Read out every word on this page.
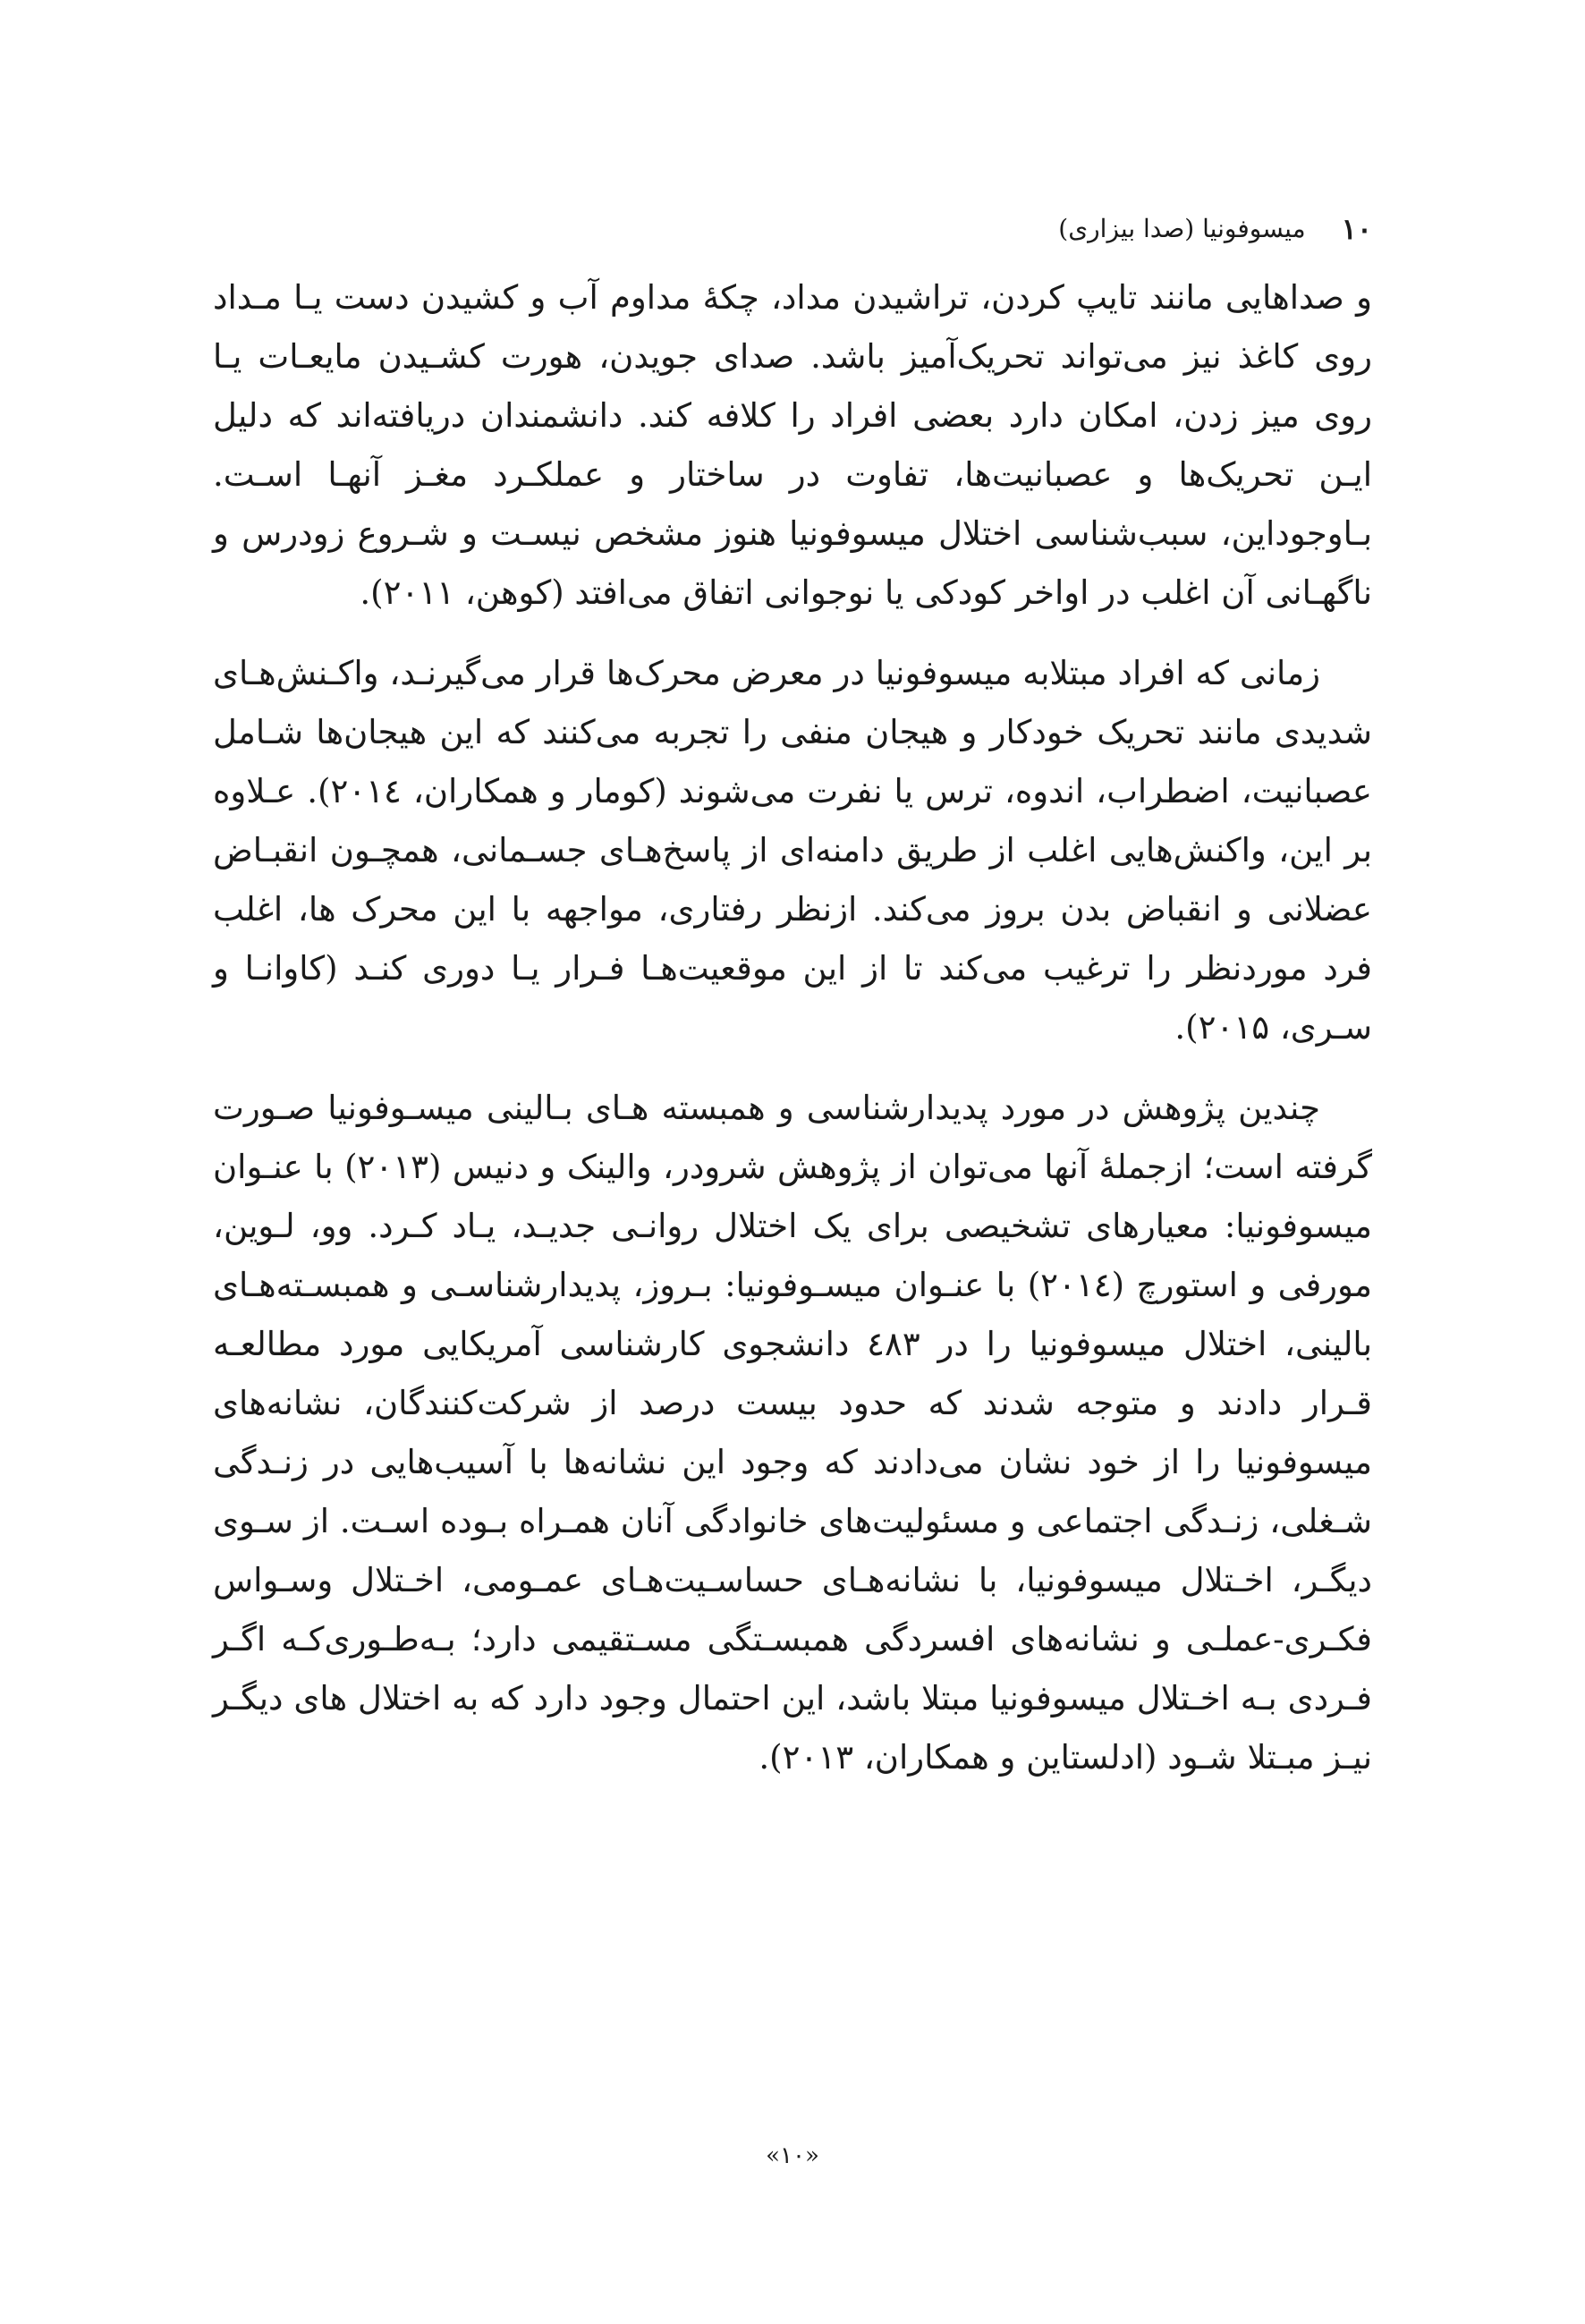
۱۰
میسوفونیا (صدا بیزاری)

و صداهایی مانند تایپ کردن، تراشیدن مداد، چکهٔ مداوم آب و کشیدن دست یـا مـداد روی کاغذ نیز می‌تواند تحریک‌آمیز باشد. صدای جویدن، هورت کشـیدن مایعـات یـا روی میز زدن، امکان دارد بعضی افراد را کلافه کند. دانشمندان دریافته‌اند که دلیل ایـن تحریک‌ها و عصبانیت‌ها، تفاوت در ساختار و عملکـرد مغـز آنهـا اسـت. بـاوجوداین، سبب‌شناسی اختلال میسوفونیا هنوز مشخص نیسـت و شـروع زودرس و ناگهـانی آن اغلب در اواخر کودکی یا نوجوانی اتفاق می‌افتد (کوهن، ۲۰۱۱).

زمانی که افراد مبتلابه میسوفونیا در معرض محرک‌ها قرار می‌گیرنـد، واکـنش‌هـای شدیدی مانند تحریک خودکار و هیجان منفی را تجربه می‌کنند که این هیجان‌ها شـامل عصبانیت، اضطراب، اندوه، ترس یا نفرت می‌شوند (کومار و همکاران، ۲۰۱٤). عـلاوه بر این، واکنش‌هایی اغلب از طریق دامنه‌ای از پاسخ‌هـای جسـمانی، همچـون انقبـاض عضلانی و انقباض بدن بروز می‌کند. ازنظر رفتاری، مواجهه با این محرک ها، اغلب فرد موردنظر را ترغیب می‌کند تا از این موقعیت‌هـا فـرار یـا دوری کنـد (کاوانـا و سـری، ۲۰۱۵).

چندین پژوهش در مورد پدیدارشناسی و همبسته هـای بـالینی میسـوفونیا صـورت گرفته است؛ ازجملهٔ آنها می‌توان از پژوهش شرودر، والینک و دنیس (۲۰۱۳) با عنـوان میسوفونیا: معیارهای تشخیصی برای یک اختلال روانـی جدیـد، یـاد کـرد. وو، لـوین، مورفی و استورچ (۲۰۱٤) با عنـوان میسـوفونیا: بـروز، پدیدارشناسـی و همبسـته‌هـای بالینی، اختلال میسوفونیا را در ٤۸۳ دانشجوی کارشناسی آمریکایی مورد مطالعـه قـرار دادند و متوجه شدند که حدود بیست درصد از شرکت‌کنندگان، نشانه‌های میسوفونیا را از خود نشان می‌دادند که وجود این نشانه‌ها با آسیب‌هایی در زنـدگی شـغلی، زنـدگی اجتماعی و مسئولیت‌های خانوادگی آنان همـراه بـوده اسـت. از سـوی دیگـر، اخـتلال میسوفونیا، با نشانه‌هـای حساسـیت‌هـای عمـومی، اخـتلال وسـواس فکـری-عملـی و نشانه‌های افسردگی همبسـتگی مسـتقیمی دارد؛ بـه‌طـوری‌کـه اگـر فـردی بـه اخـتلال میسوفونیا مبتلا باشد، این احتمال وجود دارد که به اختلال های دیگـر نیـز مبـتلا شـود (ادلستاین و همکاران، ۲۰۱۳).

«۱۰»
